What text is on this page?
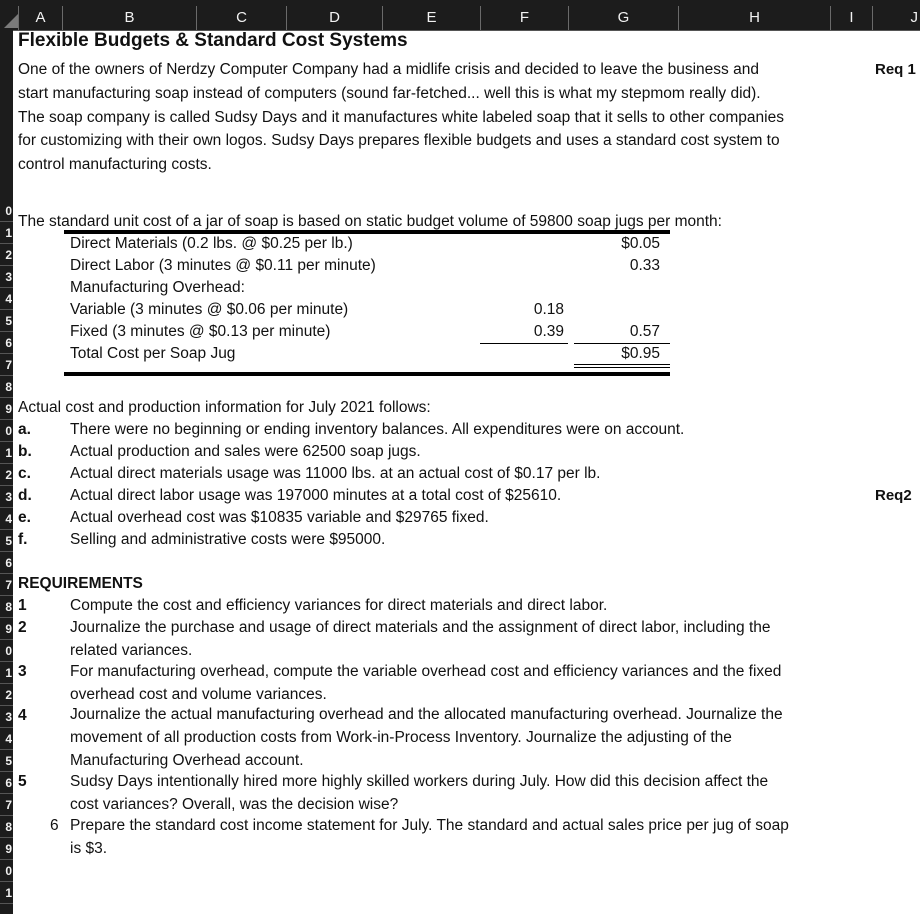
A	B	C	D	E	F	G	H	I	J
0
1
2
3
4
5
6
7
8
9
0
1
2
3
4
5
6
7
8
9
0
1
2
3
4
5
6
7
8
9
0
1
Flexible Budgets & Standard Cost Systems
One of the owners of Nerdzy Computer Company had a midlife crisis and decided to leave the business and
start manufacturing soap instead of computers (sound far-fetched... well this is what my stepmom really did).
The soap company is called Sudsy Days and it manufactures white labeled soap that it sells to other companies
for customizing with their own logos. Sudsy Days prepares flexible budgets and uses a standard cost system to
control manufacturing costs.
Req 1
The standard unit cost of a jar of soap is based on static budget volume of 59800 soap jugs per month:
Direct Materials (0.2 lbs. @ $0.25 per lb.)	$0.05
Direct Labor (3 minutes @ $0.11 per minute)	0.33
Manufacturing Overhead:
Variable (3 minutes @ $0.06 per minute)	0.18
Fixed (3 minutes @ $0.13 per minute)	0.39	0.57
Total Cost per Soap Jug	$0.95
Actual cost and production information for July 2021 follows:
a.	There were no beginning or ending inventory balances. All expenditures were on account.
b. Actual production and sales were 62500 soap jugs.
c.	Actual direct materials usage was 11000 lbs. at an actual cost of $0.17 per lb.
d. Actual direct labor usage was 197000 minutes at a total cost of $25610.
e.	Actual overhead cost was $10835 variable and $29765 fixed.
f.	Selling and administrative costs were $95000.
Req2
REQUIREMENTS
1	Compute the cost and efficiency variances for direct materials and direct labor.
2	Journalize the purchase and usage of direct materials and the assignment of direct labor, including the
related variances.
3	For manufacturing overhead, compute the variable overhead cost and efficiency variances and the fixed
overhead cost and volume variances.
4	Journalize the actual manufacturing overhead and the allocated manufacturing overhead. Journalize the
movement of all production costs from Work-in-Process Inventory. Journalize the adjusting of the
Manufacturing Overhead account.
5	Sudsy Days intentionally hired more highly skilled workers during July. How did this decision affect the
cost variances? Overall, was the decision wise?
6 Prepare the standard cost income statement for July. The standard and actual sales price per jug of soap
is $3.
